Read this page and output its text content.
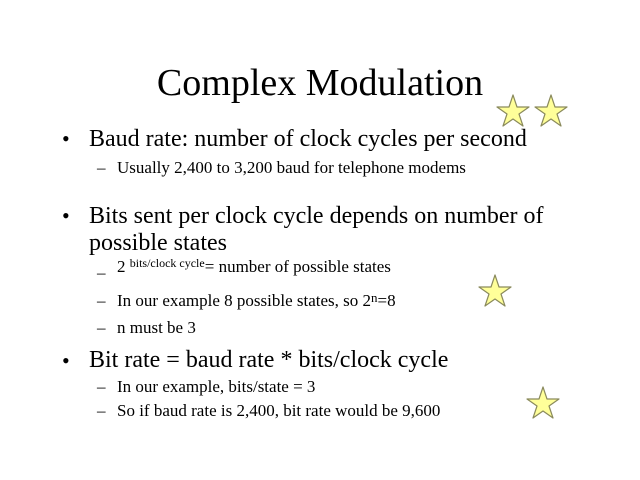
Complex Modulation
• Baud rate: number of clock cycles per second
– Usually 2,400 to 3,200 baud for telephone modems
• Bits sent per clock cycle depends on number of
possible states
– 2 $^{bits/clock cycle}$= number of possible states
– In our example 8 possible states, so $2^n=8$
– n must be 3
• Bit rate = baud rate * bits/clock cycle
– In our example, bits/state = 3
– So if baud rate is 2,400, bit rate would be 9,600
